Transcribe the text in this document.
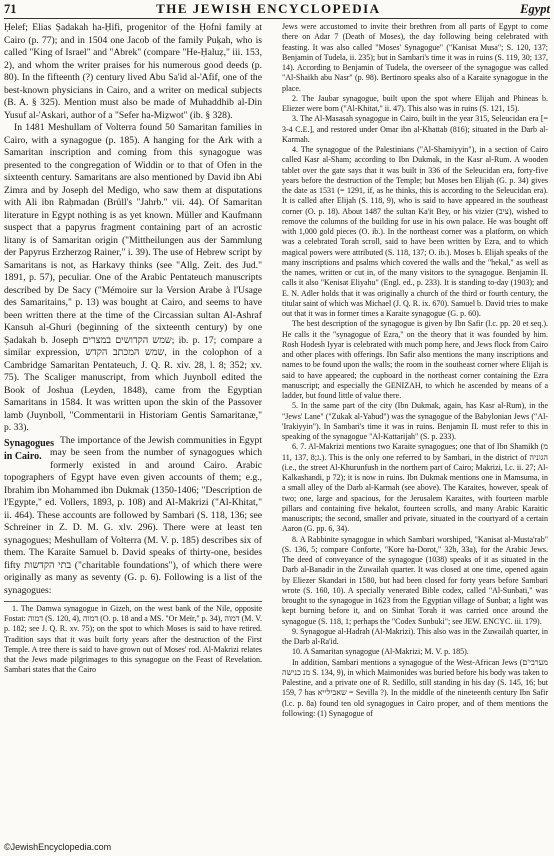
71	THE JEWISH ENCYCLOPEDIA	Egypt

Ḥelef; Elias Ṣadakah ha-Ḥifi, progenitor of the Ḥofni family at Cairo (p. 77); and in 1504 one Jacob of the family Puḳah, who is called "King of Israel" and "Abrek" (compare "He-Ḥaluẓ," iii. 153, 2), and whom the writer praises for his numerous good deeds (p. 80). In the fifteenth (?) century lived Abu Sa'id al-'Afif, one of the best-known physicians in Cairo, and a writer on medical subjects (B. A. § 325). Mention must also be made of Muhaddhib al-Din Yusuf al-'Askari, author of a "Sefer ha-Miẓwot" (ib. § 328).

In 1481 Meshullam of Volterra found 50 Samaritan families in Cairo, with a synagogue (p. 185). A hanging for the Ark with a Samaritan inscription and coming from this synagogue was presented to the congregation of Widdin or to that of Ofen in the sixteenth century. Samaritans are also mentioned by David ibn Abi Zimra and by Joseph del Medigo, who saw them at disputations with Ali ibn Raḥmadan (Brüll's "Jahrb." vii. 44). Of Samaritan literature in Egypt nothing is as yet known. Müller and Kaufmann suspect that a papyrus fragment containing part of an acrostic litany is of Samaritan origin ("Mittheilungen aus der Sammlung der Papyrus Erzherzog Rainer," i. 39). The use of Hebrew script by Samaritans is not, as Harkavy thinks (see "Allg. Zeit. des Jud." 1891, p. 57), peculiar. One of the Arabic Pentateuch manuscripts described by De Sacy ("Mémoire sur la Version Arabe à l'Usage des Samaritains," p. 13) was bought at Cairo, and seems to have been written there at the time of the Circassian sultan Al-Ashraf Kansuh al-Ghuri (beginning of the sixteenth century) by one Ṣadakah b. Joseph שמש הקדושים במצרים; ib. p. 17; compare a similar expression, שמש המכתב הקדש, in the colophon of a Cambridge Samaritan Pentateuch, J. Q. R. xiv. 28, l. 8; 352; xv. 75). The Scaliger manuscript, from which Juynboll edited the Book of Joshua (Leyden, 1848), came from the Egyptian Samaritans in 1584. It was written upon the skin of the Passover lamb (Juynboll, "Commentarii in Historiam Gentis Samaritanæ," p. 33).

Synagogues in Cairo.

The importance of the Jewish communities in Egypt may be seen from the number of synagogues which formerly existed in and around Cairo. Arabic topographers of Egypt have even given accounts of them; e.g., Ibrahim ibn Mohammed ibn Dukmak (1350-1406; "Description de l'Egypte," ed. Vollers, 1893, p. 108) and Al-Makrizi ("Al-Khitat," ii. 464). These accounts are followed by Sambari (S. 118, 136; see Schreiner in Z. D. M. G. xlv. 296). There were at least ten synagogues; Meshullam of Volterra (M. V. p. 185) describes six of them. The Karaite Samuel b. David speaks of thirty-one, besides fifty בתי הקדשות ("charitable foundations"), of which there were originally as many as seventy (G. p. 6). Following is a list of the synagogues:

1. The Damwa synagogue in Gizeh, on the west bank of the Nile, opposite Fostat: דמוה (S. 120, 4), דמוה (O. p. 18 and a MS. "Or Meïr," p. 34), דמוה (M. V. p. 182; see J. Q. R. xv. 75); on the spot to which Moses is said to have retired. Tradition says that it was built forty years after the destruction of the First Temple. A tree there is said to have grown out of Moses' rod. Al-Makrizi relates that the Jews made pilgrimages to this synagogue on the Feast of Revelation. Sambari states that the Cairo

Jews were accustomed to invite their brethren from all parts of Egypt to come there on Adar 7 (Death of Moses), the day following being celebrated with feasting. It was also called "Moses' Synagogue" ("Kanisat Musa"; S. 120, 137; Benjamin of Tudela, ii. 235); but in Sambari's time it was in ruins (S. 119, 30; 137, 14). According to Benjamin of Tudela, the overseer of the synagogue was called "Al-Shaikh abu Nasr" (p. 98). Bertinoro speaks also of a Karaite synagogue in the place.

2. The Jaubar synagogue, built upon the spot where Elijah and Phineas b. Eliezer were born ("Al-Khitat," ii. 47). This also was in ruins (S. 121, 15).

3. The Al-Masasah synagogue in Cairo, built in the year 315, Seleucidan era [= 3-4 C.E.], and restored under Omar ibn al-Khattab (816); situated in the Darb al-Karmah.

4. The synagogue of the Palestinians ("Al-Shamiyyin"), in a section of Cairo called Kasr al-Sham; according to Ibn Dukmak, in the Kasr al-Rum. A wooden tablet over the gate says that it was built in 336 of the Seleucidan era, forty-five years before the destruction of the Temple; but Moses ben Elijah (G. p. 34) gives the date as 1531 (= 1291, if, as he thinks, this is according to the Seleucidan era). It is called after Elijah (S. 118, 9), who is said to have appeared in the southeast corner (O. p. 18). About 1487 the sultan Ka'it Bey, or his vizier (ציב), wished to remove the columns of the building for use in his own palace. He was bought off with 1,000 gold pieces (O. ib.). In the northeast corner was a platform, on which was a celebrated Torah scroll, said to have been written by Ezra, and to which magical powers were attributed (S. 118, 137; O. ib.). Moses b. Elijah speaks of the many inscriptions and psalms which covered the walls and the "hekal," as well as the names, written or cut in, of the many visitors to the synagogue. Benjamin II. calls it also "Kenisat Eliyahu" (Engl. ed., p. 233). It is standing to-day (1903); and E. N. Adler holds that it was originally a church of the third or fourth century, the titular saint of which was Michael (J. Q. R. ix. 670). Samuel b. David tries to make out that it was in former times a Karaite synagogue (G. p. 60).

The best description of the synagogue is given by Ibn Safir (l.c. pp. 20 et seq.). He calls it the "synagogue of Ezra," on the theory that it was founded by him. Rosh Hodesh Iyyar is celebrated with much pomp here, and Jews flock from Cairo and other places with offerings. Ibn Safir also mentions the many inscriptions and names to be found upon the walls; the room in the southeast corner where Elijah is said to have appeared; the cupboard in the northeast corner containing the Ezra manuscript; and especially the GENIZAH, to which he ascended by means of a ladder, but found little of value there.

5. In the same part of the city (Ibn Dukmak, again, has Kasr al-Rum), in the "Jews' Lane" ("Zukak al-Yahud") was the synagogue of the Babylonian Jews ("Al-'Irakiyyin"). In Sambari's time it was in ruins. Benjamin II. must refer to this in speaking of the synagogue "Al-Kattarijah" (S. p. 233).

6. 7. Al-Makrizi mentions two Karaite synagogues; one that of Ibn Shamikh (מ .ג;8 ,137 ,11). This is the only one referred to by Sambari, in the district of הגוניה (i.e., the street Al-Khurunfush in the northern part of Cairo; Makrizi, l.c. ii. 27; Al-Kalkashandi, p 72); it is now in ruins. Ibn Dukmak mentions one in Mamsuma, in a small alley of the Darb al-Karmah (see above). The Karaites, however, speak of two; one, large and spacious, for the Jerusalem Karaites, with fourteen marble pillars and containing five hekalot, fourteen scrolls, and many Arabic Karaitic manuscripts; the second, smaller and private, situated in the courtyard of a certain Aaron (G. pp. 6, 34).

8. A Rabbinite synagogue in which Sambari worshiped, "Kanisat al-Musta'rab" (S. 136, 5; compare Conforte, "Kore ha-Dorot," 32b, 33a), for the Arabic Jews. The deed of conveyance of the synagogue (1038) speaks of it as situated in the Darb al-Banadir in the Zuwailah quarter. It was closed at one time, opened again by Eliezer Skandari in 1580, but had been closed for forty years before Sambari wrote (S. 160, 10). A specially venerated Bible codex, called "Al-Sunbati," was brought to the synagogue in 1623 from the Egyptian village of Sunbat; a light was kept burning before it, and on Simhat Torah it was carried once around the synagogue (S. 118, 1; perhaps the "Codex Sunbuki"; see JEW. ENCYC. iii. 179).

9. Synagogue al-Hadrah (Al-Makrizi). This also was in the Zuwailah quarter, in the Darb al-Ra'id.

10. A Samaritan synagogue (Al-Makrizi; M. V. p. 185).

In addition, Sambari mentions a synagogue of the West-African Jews (מערבי'ם מנ כנישה S. 134, 9), in which Maimonides was buried before his body was taken to Palestine, and a private one of R. Sedillo, still standing in his day (S. 145, 16; but 159, 7 has שאבילייא = Sevilla ?). In the middle of the nineteenth century Ibn Safir (l.c. p. 8a) found ten old synagogues in Cairo proper, and of them mentions the following: (1) Synagogue of

©JewishEncyclopedia.com
